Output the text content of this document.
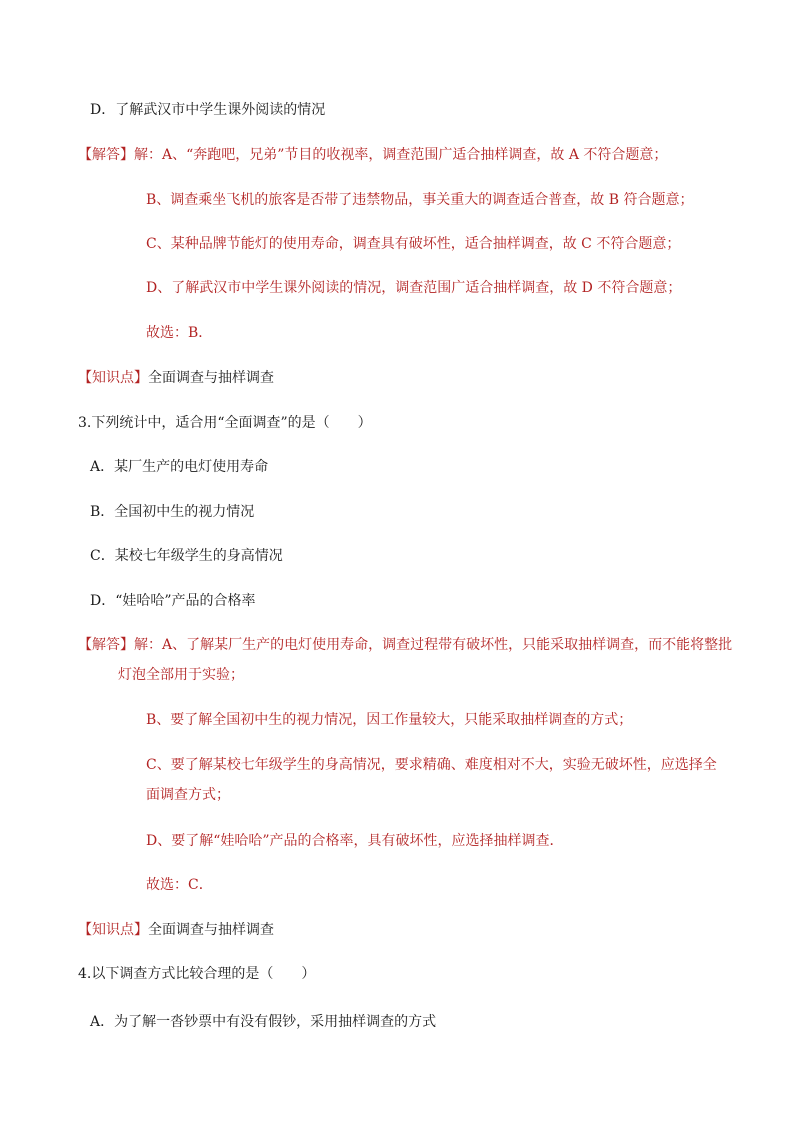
D．了解武汉市中学生课外阅读的情况
【解答】解：A、“奔跑吧，兄弟”节目的收视率，调查范围广适合抽样调查，故 A 不符合题意；
B、调查乘坐飞机的旅客是否带了违禁物品，事关重大的调查适合普查，故 B 符合题意；
C、某种品牌节能灯的使用寿命，调查具有破坏性，适合抽样调查，故 C 不符合题意；
D、了解武汉市中学生课外阅读的情况，调查范围广适合抽样调查，故 D 不符合题意；
故选：B．
【知识点】全面调查与抽样调查
3.下列统计中，适合用“全面调查”的是（　　）
A．某厂生产的电灯使用寿命
B．全国初中生的视力情况
C．某校七年级学生的身高情况
D．“娃哈哈”产品的合格率
【解答】解：A、了解某厂生产的电灯使用寿命，调查过程带有破坏性，只能采取抽样调查，而不能将整批
灯泡全部用于实验；
B、要了解全国初中生的视力情况，因工作量较大，只能采取抽样调查的方式；
C、要了解某校七年级学生的身高情况，要求精确、难度相对不大，实验无破坏性，应选择全
面调查方式；
D、要了解“娃哈哈”产品的合格率，具有破坏性，应选择抽样调查．
故选：C．
【知识点】全面调查与抽样调查
4.以下调查方式比较合理的是（　　）
A．为了解一沓钞票中有没有假钞，采用抽样调查的方式
